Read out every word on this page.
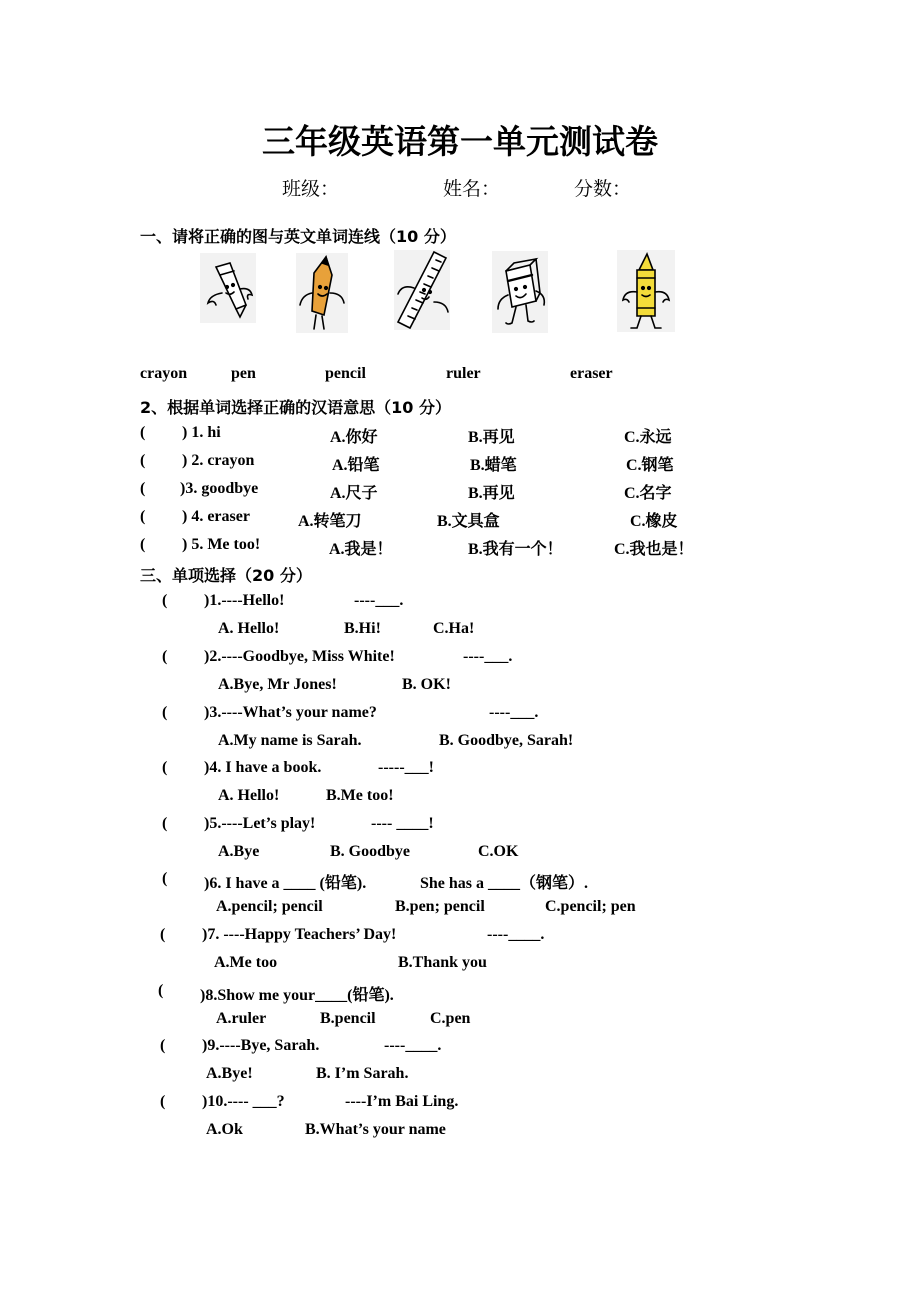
三年级英语第一单元测试卷
班级：	姓名：	分数：
一、请将正确的图与英文单词连线（10 分）
crayon	pen	pencil	ruler	eraser
2、根据单词选择正确的汉语意思（10 分）
( ) 1. hi	A.你好	B.再见	C.永远
( ) 2. crayon	A.铅笔	B.蜡笔	C.钢笔
( )3. goodbye	A.尺子	B.再见	C.名字
( ) 4. eraser	A.转笔刀	B.文具盒	C.橡皮
( ) 5. Me too!	A.我是！	B.我有一个！	C.我也是！
三、单项选择（20 分）
( )1.----Hello!	----___.
A. Hello!	B.Hi!	C.Ha!
( )2.----Goodbye, Miss White!	----___.
A.Bye, Mr Jones!	B. OK!
( )3.----What’s your name?	----___.
A.My name is Sarah.	B. Goodbye, Sarah!
( )4. I have a book.	-----___!
A. Hello!	B.Me too!
( )5.----Let’s play!	---- ____!
A.Bye	B. Goodbye	C.OK
( )6. I have a ____ (铅笔).	She has a ____（钢笔）.
A.pencil; pencil	B.pen; pencil	C.pencil; pen
( )7. ----Happy Teachers’ Day!	----____.
A.Me too	B.Thank you
( )8.Show me your____(铅笔).
A.ruler	B.pencil	C.pen
( )9.----Bye, Sarah.	----____.
A.Bye!	B. I’m Sarah.
( )10.---- ___?	----I’m Bai Ling.
A.Ok	B.What’s your name
